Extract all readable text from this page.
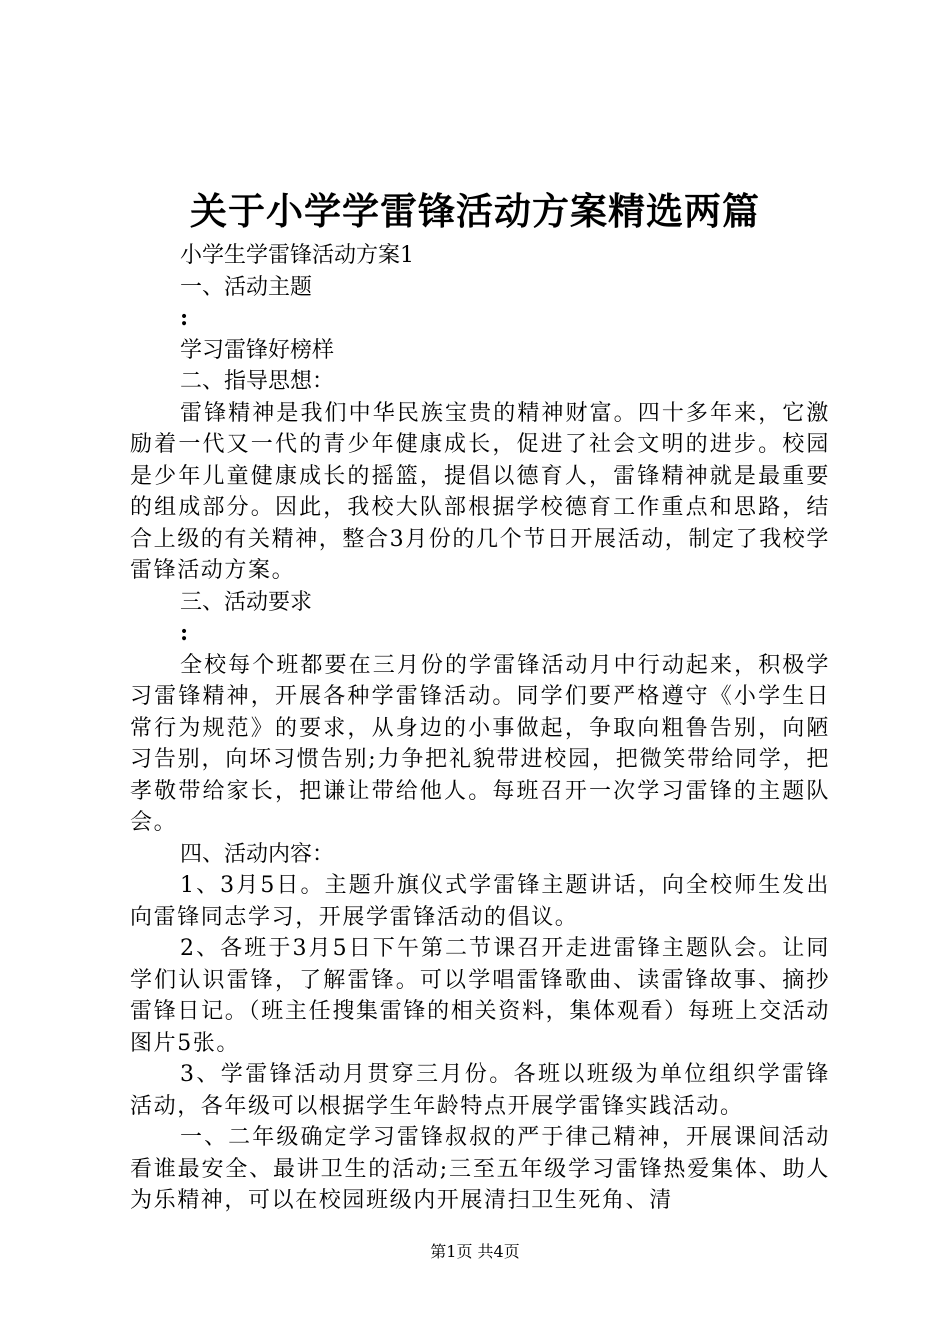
关于小学学雷锋活动方案精选两篇
小学生学雷锋活动方案1
一、活动主题
:
学习雷锋好榜样
二、指导思想：
雷锋精神是我们中华民族宝贵的精神财富。四十多年来，它激励着一代又一代的青少年健康成长，促进了社会文明的进步。校园是少年儿童健康成长的摇篮，提倡以德育人，雷锋精神就是最重要的组成部分。因此，我校大队部根据学校德育工作重点和思路，结合上级的有关精神，整合3月份的几个节日开展活动，制定了我校学雷锋活动方案。
三、活动要求
:
全校每个班都要在三月份的学雷锋活动月中行动起来，积极学习雷锋精神，开展各种学雷锋活动。同学们要严格遵守《小学生日常行为规范》的要求，从身边的小事做起，争取向粗鲁告别，向陋习告别，向坏习惯告别;力争把礼貌带进校园，把微笑带给同学，把孝敬带给家长，把谦让带给他人。每班召开一次学习雷锋的主题队会。
四、活动内容：
1、3月5日。主题升旗仪式学雷锋主题讲话，向全校师生发出向雷锋同志学习，开展学雷锋活动的倡议。
2、各班于3月5日下午第二节课召开走进雷锋主题队会。让同学们认识雷锋，了解雷锋。可以学唱雷锋歌曲、读雷锋故事、摘抄雷锋日记。（班主任搜集雷锋的相关资料，集体观看）每班上交活动图片5张。
3、学雷锋活动月贯穿三月份。各班以班级为单位组织学雷锋活动，各年级可以根据学生年龄特点开展学雷锋实践活动。
一、二年级确定学习雷锋叔叔的严于律己精神，开展课间活动看谁最安全、最讲卫生的活动;三至五年级学习雷锋热爱集体、助人为乐精神，可以在校园班级内开展清扫卫生死角、清
第1页 共4页
